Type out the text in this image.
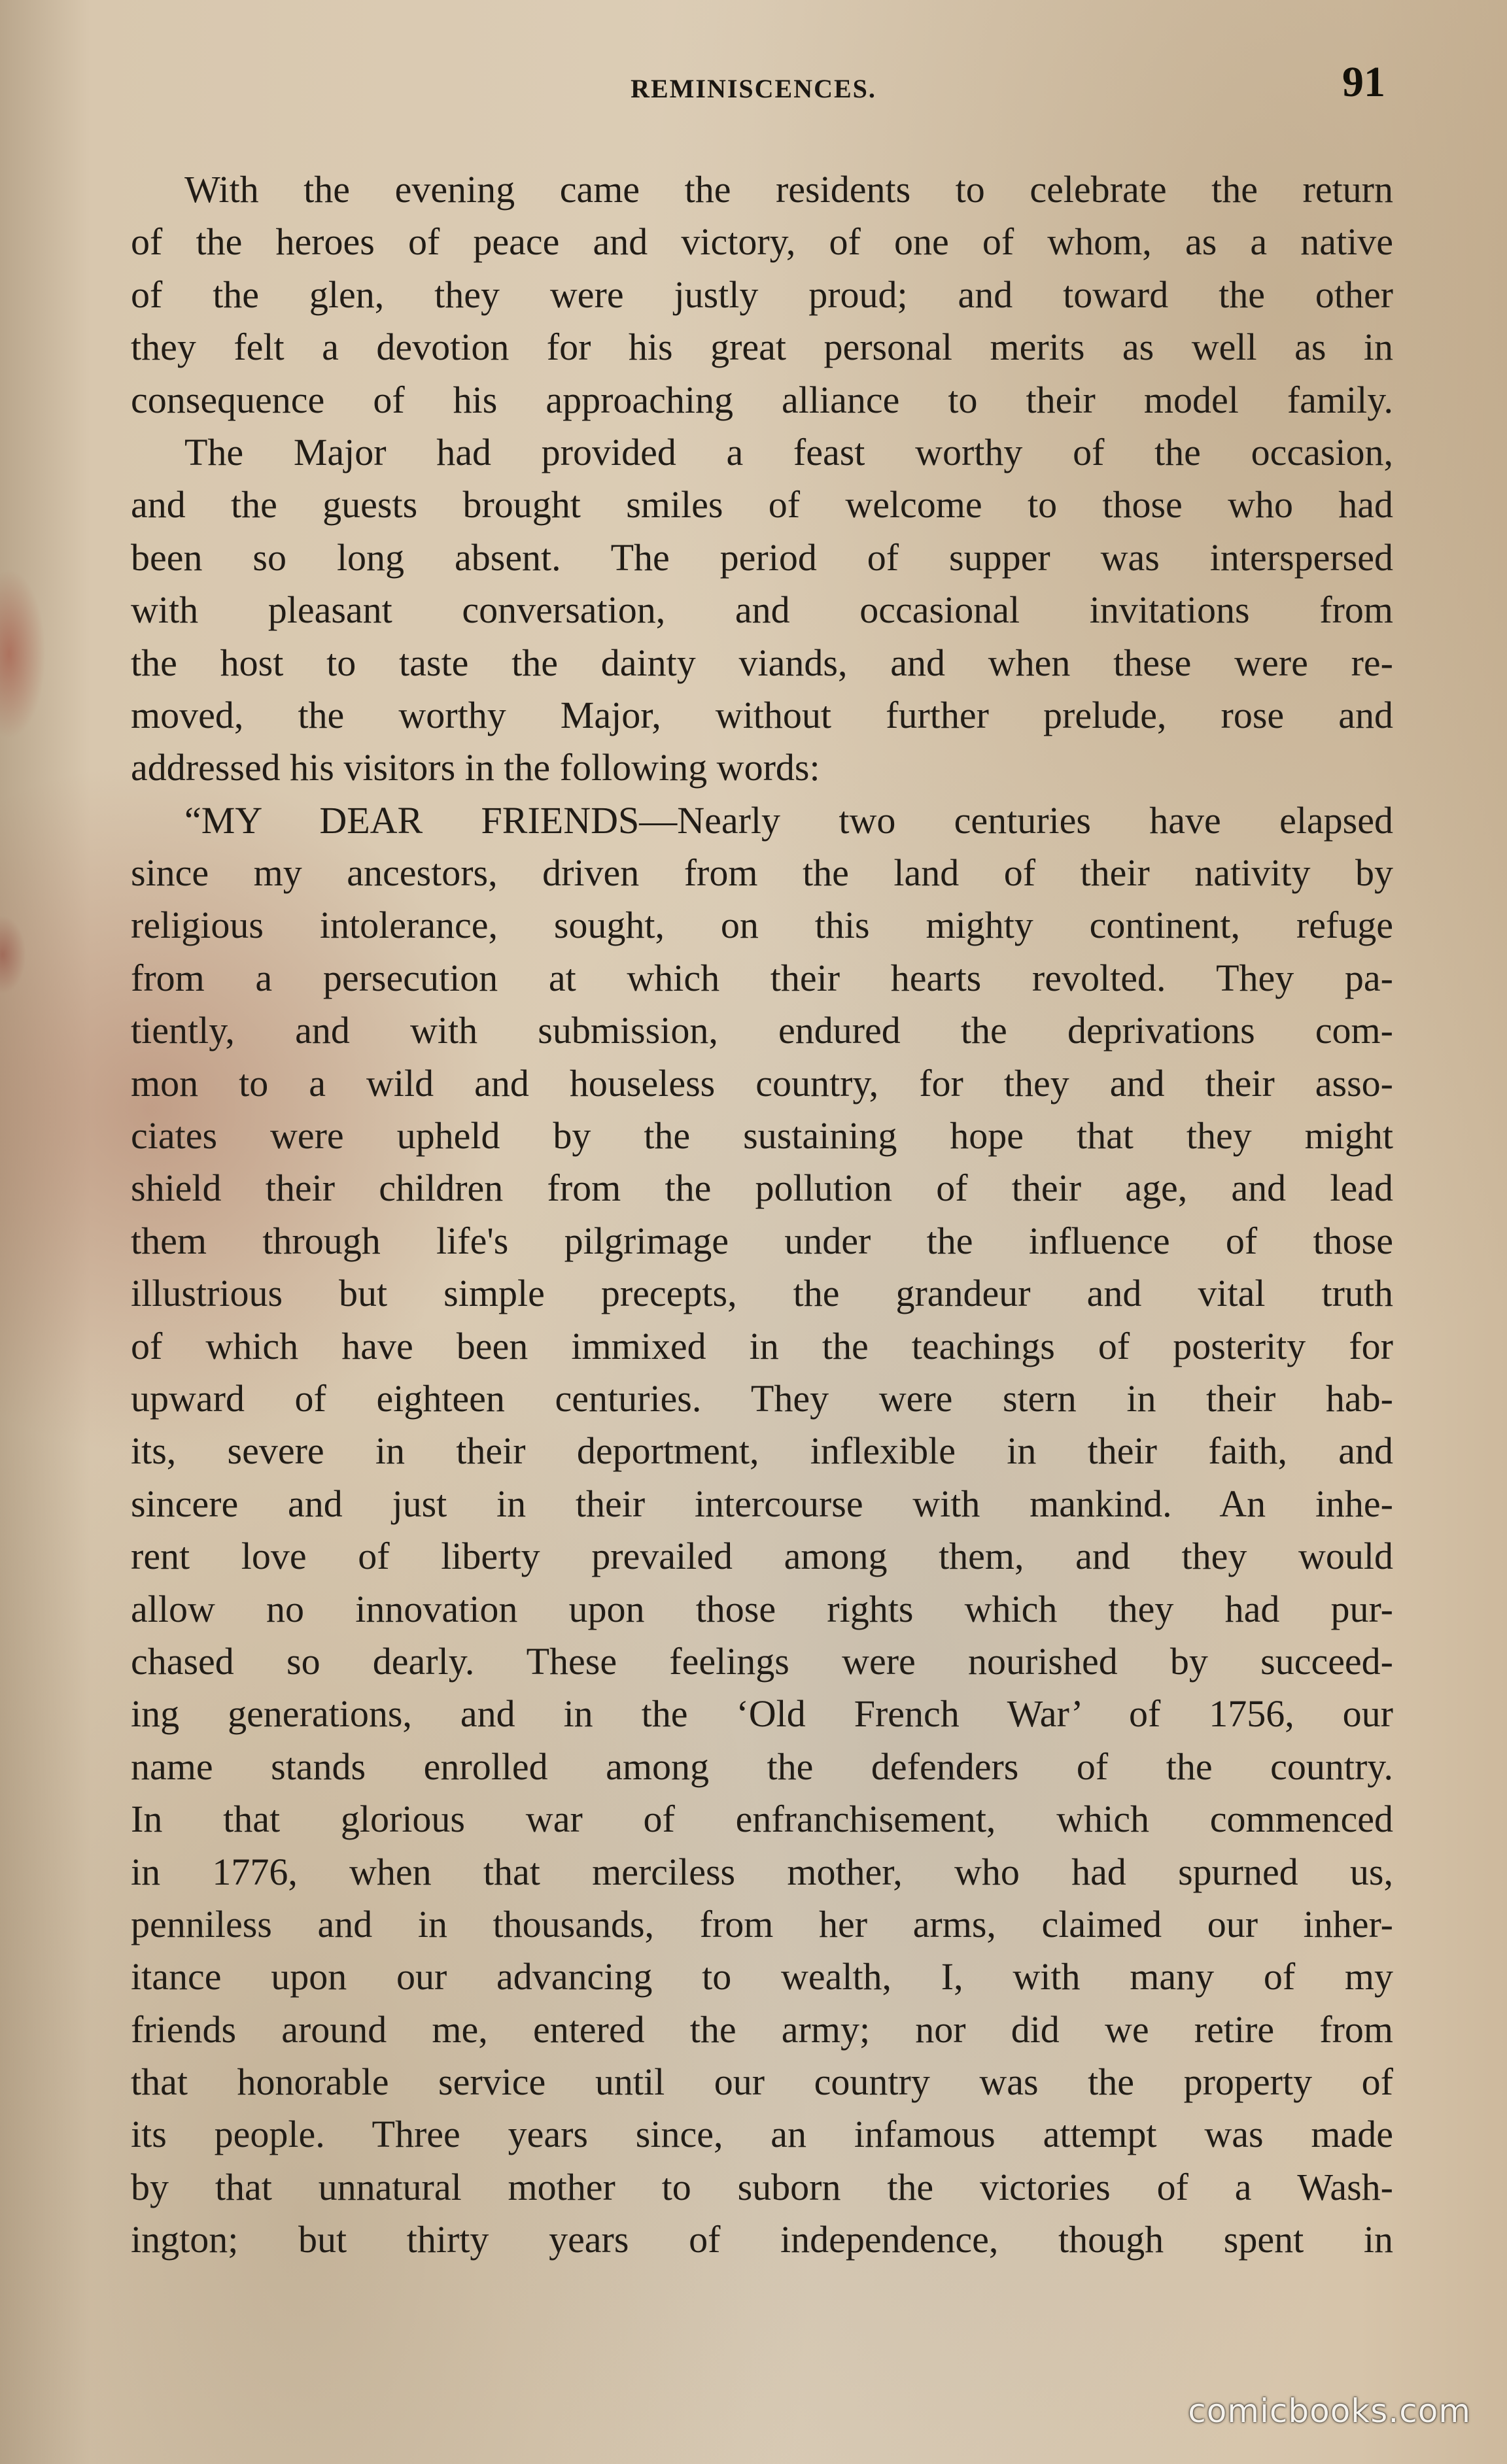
REMINISCENCES.	91
With the evening came the residents to celebrate the return
of the heroes of peace and victory, of one of whom, as a native
of the glen, they were justly proud; and toward the other
they felt a devotion for his great personal merits as well as in
consequence of his approaching alliance to their model family.
The Major had provided a feast worthy of the occasion,
and the guests brought smiles of welcome to those who had
been so long absent. The period of supper was interspersed
with pleasant conversation, and occasional invitations from
the host to taste the dainty viands, and when these were re-
moved, the worthy Major, without further prelude, rose and
addressed his visitors in the following words:
“MY DEAR FRIENDS—Nearly two centuries have elapsed
since my ancestors, driven from the land of their nativity by
religious intolerance, sought, on this mighty continent, refuge
from a persecution at which their hearts revolted. They pa-
tiently, and with submission, endured the deprivations com-
mon to a wild and houseless country, for they and their asso-
ciates were upheld by the sustaining hope that they might
shield their children from the pollution of their age, and lead
them through life's pilgrimage under the influence of those
illustrious but simple precepts, the grandeur and vital truth
of which have been immixed in the teachings of posterity for
upward of eighteen centuries. They were stern in their hab-
its, severe in their deportment, inflexible in their faith, and
sincere and just in their intercourse with mankind. An inhe-
rent love of liberty prevailed among them, and they would
allow no innovation upon those rights which they had pur-
chased so dearly. These feelings were nourished by succeed-
ing generations, and in the ‘Old French War’ of 1756, our
name stands enrolled among the defenders of the country.
In that glorious war of enfranchisement, which commenced
in 1776, when that merciless mother, who had spurned us,
penniless and in thousands, from her arms, claimed our inher-
itance upon our advancing to wealth, I, with many of my
friends around me, entered the army; nor did we retire from
that honorable service until our country was the property of
its people. Three years since, an infamous attempt was made
by that unnatural mother to suborn the victories of a Wash-
ington; but thirty years of independence, though spent in
comicbooks.com
